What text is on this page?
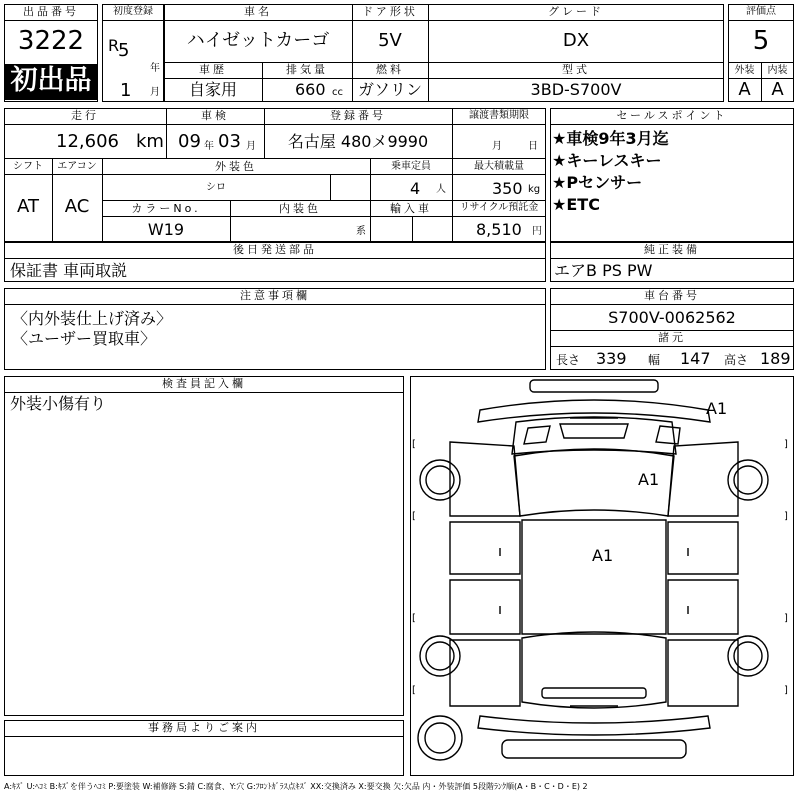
出品番号
3222
初出品
初度登録
R
5
年
1 月
車名
ハイゼットカーゴ
ドア形状
5V
グレード
DX
車歴
自家用
排気量
660 cc
燃料
ガソリン
型式
3BD-S700V
評価点
5
外装	内装
A	A
走行
12,606 km
車検
09 年 03 月
登録番号
名古屋 480メ9990
譲渡書類期限
月	日
シフト
AT
エアコン
AC
外装色
シロ
乗車定員
4 人
最大積載量
350 kg
カラーNo.
W19
内装色
系
輸入車	リサイクル預託金
8,510 円
セールスポイント
★車検9年3月迄
★キーレスキー
★Pセンサー
★ETC
後日発送部品
保証書 車両取説
純正装備
エアB PS PW
注意事項欄
〈内外装仕上げ済み〉
〈ユーザー買取車〉
車台番号
S700V-0062562
諸元
長さ 339 幅 147 高さ 189
検査員記入欄
外装小傷有り
事務局よりご案内
A1
A1
A1
[	]
[	]
[	]
[	]
A:ｷｽﾞ U:ﾍｺﾐ B:ｷｽﾞを伴うﾍｺﾐ P:要塗装 W:補修跡 S:錆 C:腐食、Y:穴 G:ﾌﾛﾝﾄｶﾞﾗｽ点ｷｽﾞ XX:交換済み X:要交換 欠:欠品 内・外装評価 5段階ﾗﾝｸ順(A・B・C・D・E) 2
